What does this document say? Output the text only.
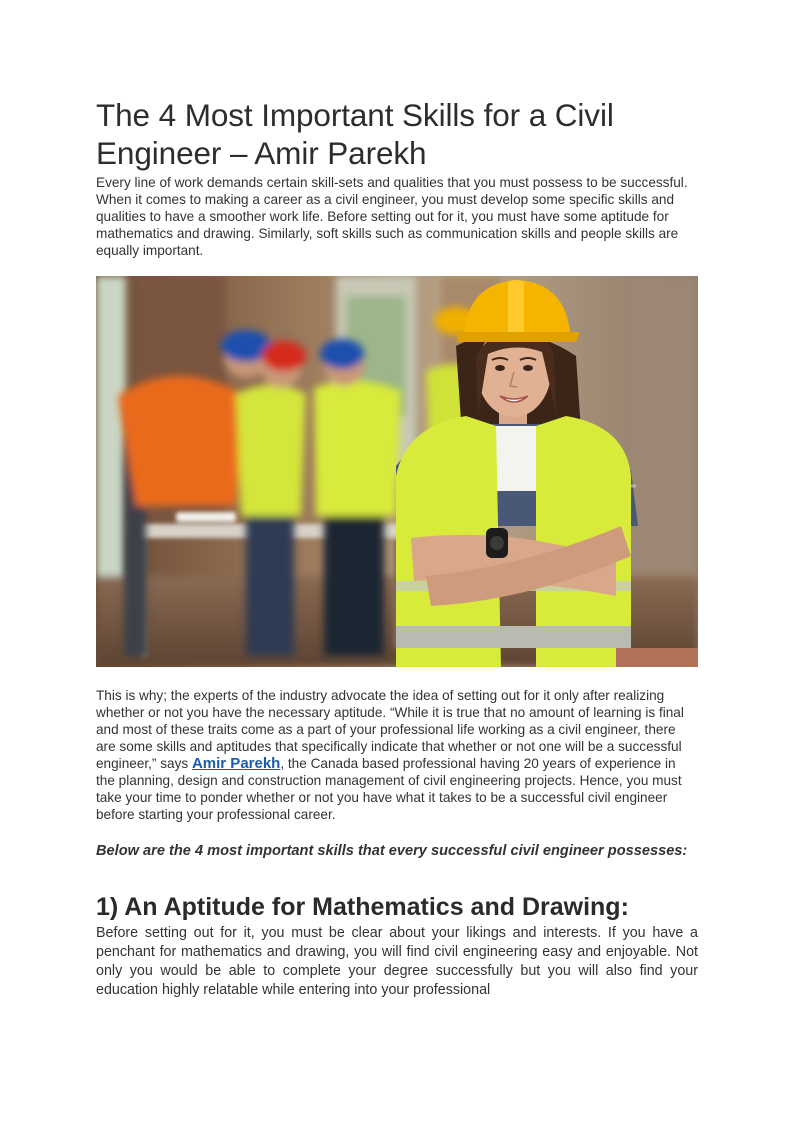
The 4 Most Important Skills for a Civil Engineer – Amir Parekh

Every line of work demands certain skill-sets and qualities that you must possess to be successful. When it comes to making a career as a civil engineer, you must develop some specific skills and qualities to have a smoother work life. Before setting out for it, you must have some aptitude for mathematics and drawing. Similarly, soft skills such as communication skills and people skills are equally important.

This is why; the experts of the industry advocate the idea of setting out for it only after realizing whether or not you have the necessary aptitude. “While it is true that no amount of learning is final and most of these traits come as a part of your professional life working as a civil engineer, there are some skills and aptitudes that specifically indicate that whether or not one will be a successful engineer,” says Amir Parekh, the Canada based professional having 20 years of experience in the planning, design and construction management of civil engineering projects. Hence, you must take your time to ponder whether or not you have what it takes to be a successful civil engineer before starting your professional career.

Below are the 4 most important skills that every successful civil engineer possesses:

1) An Aptitude for Mathematics and Drawing:

Before setting out for it, you must be clear about your likings and interests. If you have a penchant for mathematics and drawing, you will find civil engineering easy and enjoyable. Not only you would be able to complete your degree successfully but you will also find your education highly relatable while entering into your professional
